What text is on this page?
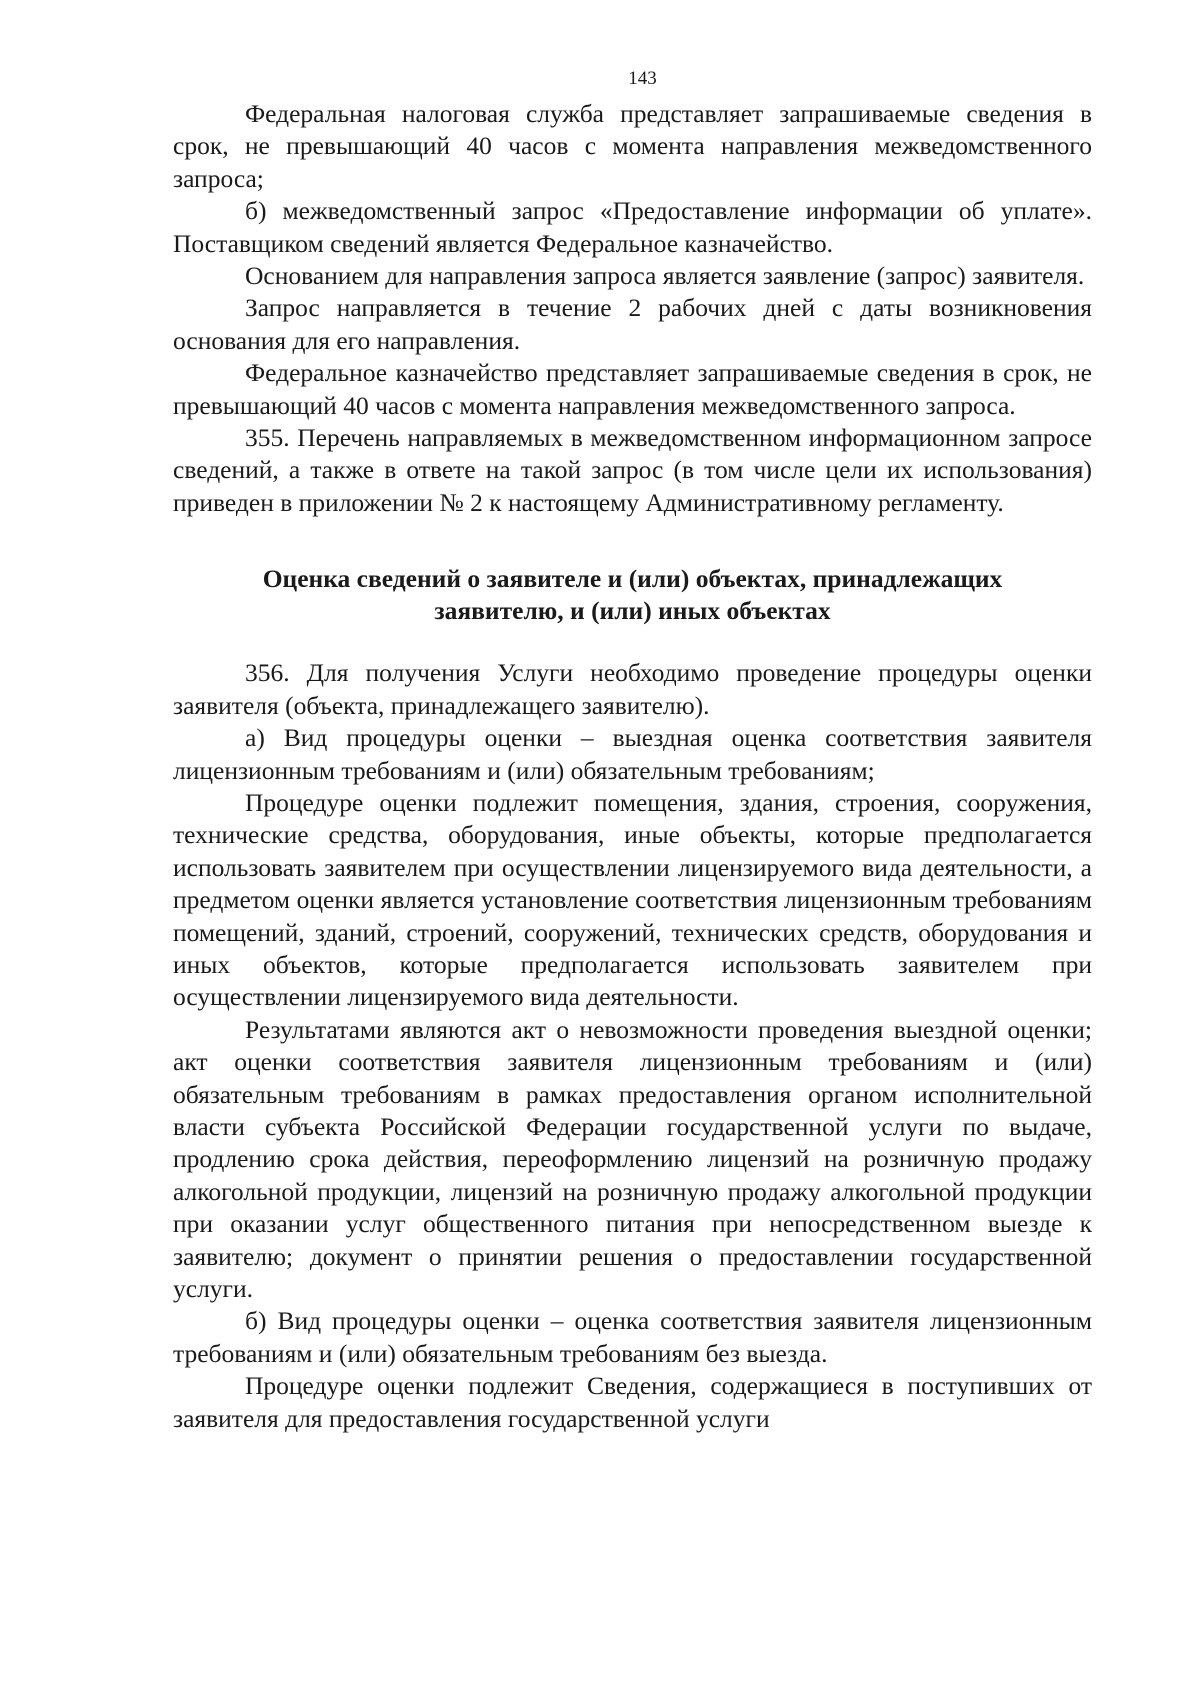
143

Федеральная налоговая служба представляет запрашиваемые сведения в срок, не превышающий 40 часов с момента направления межведомственного запроса;

б) межведомственный запрос «Предоставление информации об уплате». Поставщиком сведений является Федеральное казначейство.

Основанием для направления запроса является заявление (запрос) заявителя.

Запрос направляется в течение 2 рабочих дней с даты возникновения основания для его направления.

Федеральное казначейство представляет запрашиваемые сведения в срок, не превышающий 40 часов с момента направления межведомственного запроса.

355. Перечень направляемых в межведомственном информационном запросе сведений, а также в ответе на такой запрос (в том числе цели их использования) приведен в приложении № 2 к настоящему Административному регламенту.

Оценка сведений о заявителе и (или) объектах, принадлежащих
заявителю, и (или) иных объектах

356. Для получения Услуги необходимо проведение процедуры оценки заявителя (объекта, принадлежащего заявителю).

а) Вид процедуры оценки – выездная оценка соответствия заявителя лицензионным требованиям и (или) обязательным требованиям;

Процедуре оценки подлежит помещения, здания, строения, сооружения, технические средства, оборудования, иные объекты, которые предполагается использовать заявителем при осуществлении лицензируемого вида деятельности, а предметом оценки является установление соответствия лицензионным требованиям помещений, зданий, строений, сооружений, технических средств, оборудования и иных объектов, которые предполагается использовать заявителем при осуществлении лицензируемого вида деятельности.

Результатами являются акт о невозможности проведения выездной оценки; акт оценки соответствия заявителя лицензионным требованиям и (или) обязательным требованиям в рамках предоставления органом исполнительной власти субъекта Российской Федерации государственной услуги по выдаче, продлению срока действия, переоформлению лицензий на розничную продажу алкогольной продукции, лицензий на розничную продажу алкогольной продукции при оказании услуг общественного питания при непосредственном выезде к заявителю; документ о принятии решения о предоставлении государственной услуги.

б) Вид процедуры оценки – оценка соответствия заявителя лицензионным требованиям и (или) обязательным требованиям без выезда.

Процедуре оценки подлежит Сведения, содержащиеся в поступивших от заявителя для предоставления государственной услуги
